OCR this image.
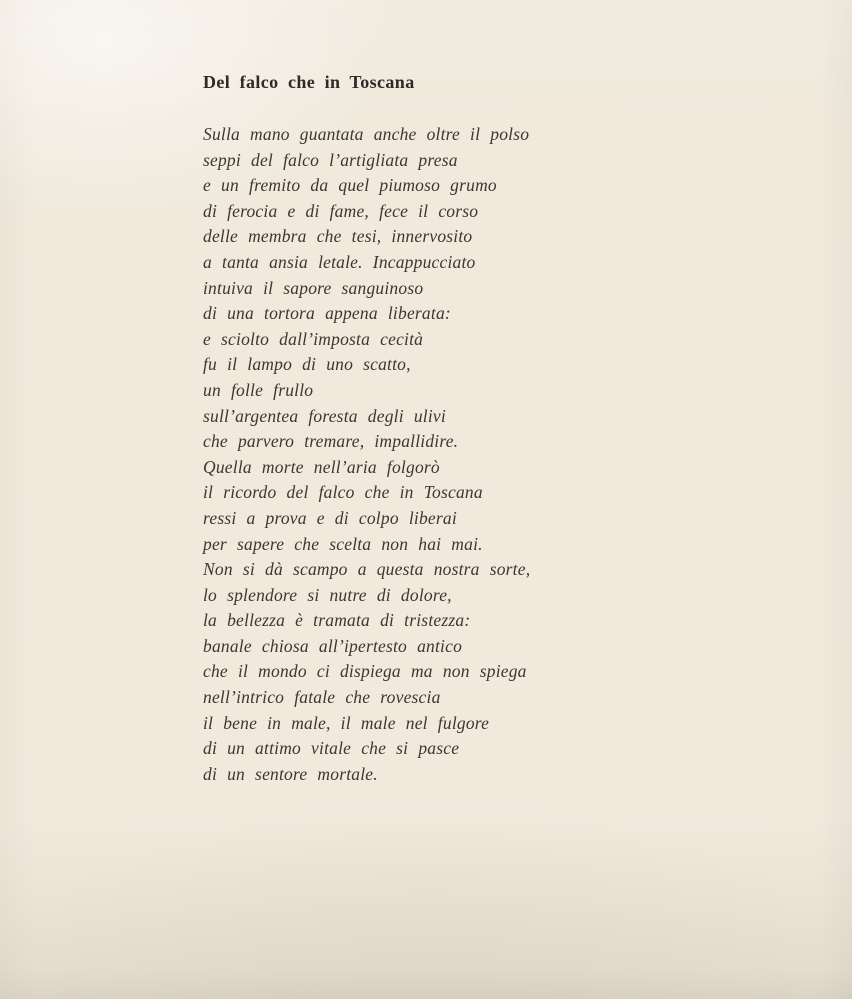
Del falco che in Toscana
Sulla mano guantata anche oltre il polso
seppi del falco l’artigliata presa
e un fremito da quel piumoso grumo
di ferocia e di fame, fece il corso
delle membra che tesi, innervosito
a tanta ansia letale. Incappucciato
intuiva il sapore sanguinoso
di una tortora appena liberata:
e sciolto dall’imposta cecità
fu il lampo di uno scatto,
un folle frullo
sull’argentea foresta degli ulivi
che parvero tremare, impallidire.
Quella morte nell’aria folgorò
il ricordo del falco che in Toscana
ressi a prova e di colpo liberai
per sapere che scelta non hai mai.
Non si dà scampo a questa nostra sorte,
lo splendore si nutre di dolore,
la bellezza è tramata di tristezza:
banale chiosa all’ipertesto antico
che il mondo ci dispiega ma non spiega
nell’intrico fatale che rovescia
il bene in male, il male nel fulgore
di un attimo vitale che si pasce
di un sentore mortale.
